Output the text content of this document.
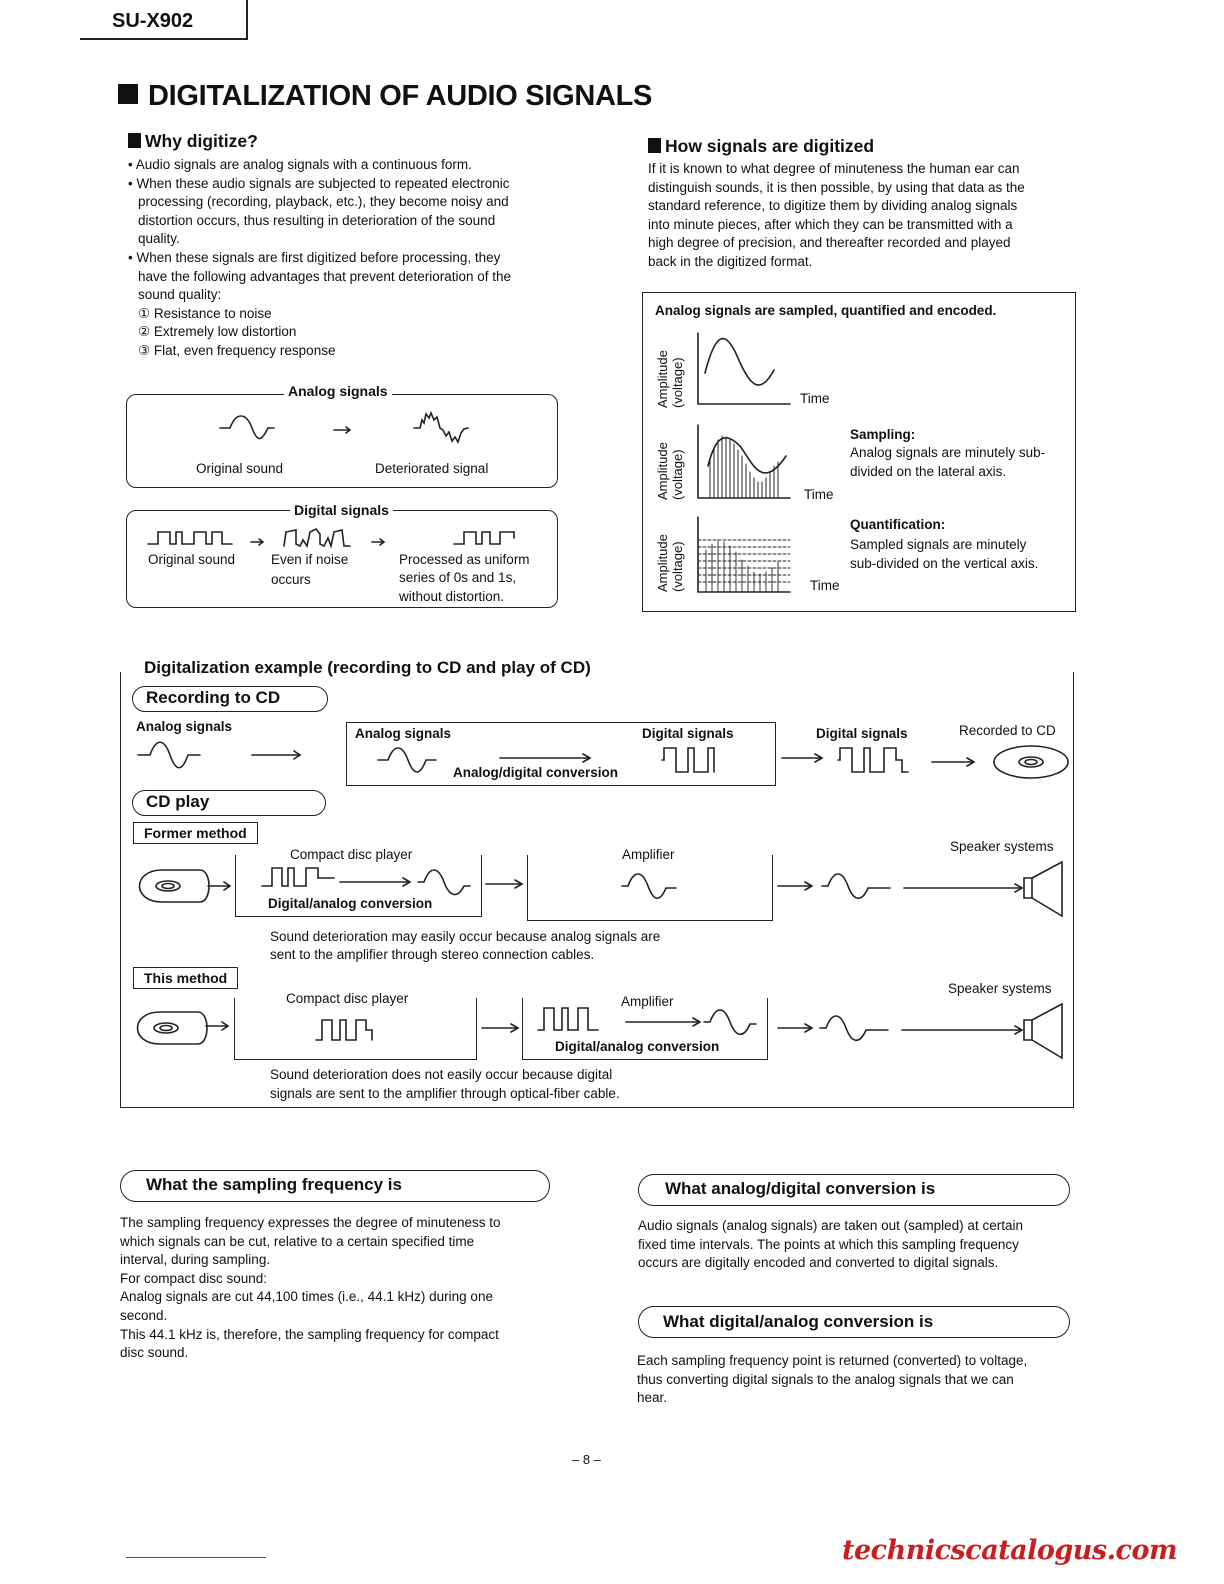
SU-X902
DIGITALIZATION OF AUDIO SIGNALS
Why digitize?
• Audio signals are analog signals with a continuous form.
• When these audio signals are subjected to repeated electronic
processing (recording, playback, etc.), they become noisy and
distortion occurs, thus resulting in deterioration of the sound
quality.
• When these signals are first digitized before processing, they
have the following advantages that prevent deterioration of the
sound quality:
① Resistance to noise
② Extremely low distortion
③ Flat, even frequency response
How signals are digitized
If it is known to what degree of minuteness the human ear can
distinguish sounds, it is then possible, by using that data as the
standard reference, to digitize them by dividing analog signals
into minute pieces, after which they can be transmitted with a
high degree of precision, and thereafter recorded and played
back in the digitized format.
Analog signals
Original sound	Deteriorated signal
Digital signals
Original sound	Even if noise
occurs
Processed as uniform
series of 0s and 1s,
without distortion.
Analog signals are sampled, quantified and encoded.
Amplitude (voltage)
Amplitude (voltage)
Amplitude (voltage)
Time
Time
Time
Sampling:
Analog signals are minutely sub-
divided on the lateral axis.
Quantification:
Sampled signals are minutely
sub-divided on the vertical axis.
Digitalization example (recording to CD and play of CD)
Recording to CD
Analog signals	Analog signals	Digital signals
Analog/digital conversion
Digital signals	Recorded to CD
CD play
Former method
Compact disc player
Digital/analog conversion
Amplifier
Speaker systems
Sound deterioration may easily occur because analog signals are
sent to the amplifier through stereo connection cables.
This method
Compact disc player	Amplifier
Digital/analog conversion
Speaker systems
Sound deterioration does not easily occur because digital
signals are sent to the amplifier through optical-fiber cable.
What the sampling frequency is
The sampling frequency expresses the degree of minuteness to
which signals can be cut, relative to a certain specified time
interval, during sampling.
For compact disc sound:
Analog signals are cut 44,100 times (i.e., 44.1 kHz) during one
second.
This 44.1 kHz is, therefore, the sampling frequency for compact
disc sound.
What analog/digital conversion is
Audio signals (analog signals) are taken out (sampled) at certain
fixed time intervals. The points at which this sampling frequency
occurs are digitally encoded and converted to digital signals.
What digital/analog conversion is
Each sampling frequency point is returned (converted) to voltage,
thus converting digital signals to the analog signals that we can
hear.
– 8 –
technicscatalogus.com
